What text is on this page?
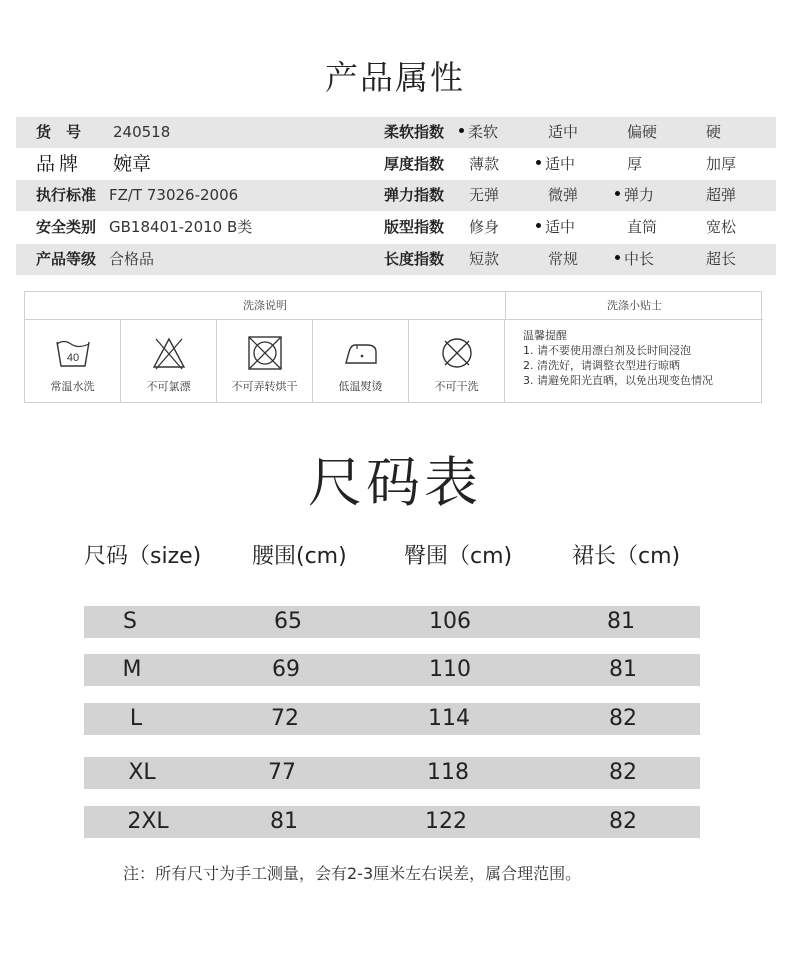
产品属性
货　号 240518	柔软指数	柔软	适中	偏硬	硬
品牌 婉章	厚度指数 薄款	适中	厚	加厚
执行标准 FZ/T 73026-2006	弹力指数 无弹	微弹	弹力	超弹
安全类别 GB18401-2010 B类	版型指数 修身	适中	直筒	宽松
产品等级 合格品	长度指数 短款	常规	中长	超长
洗涤说明	洗涤小贴士
40
常温水洗	不可氯漂	不可弄转烘干	低温熨烫	不可干洗
温馨提醒
1. 请不要使用漂白剂及长时间浸泡
2. 清洗好，请调整衣型进行晾晒
3. 请避免阳光直晒，以免出现变色情况
尺码表
尺码（size) 腰围(cm)	臀围（cm)	裙长（cm)
S	65	106	81
M	69	110	81
L	72	114	82
XL	77	118	82
2XL	81	122	82
注：所有尺寸为手工测量，会有2-3厘米左右误差，属合理范围。
